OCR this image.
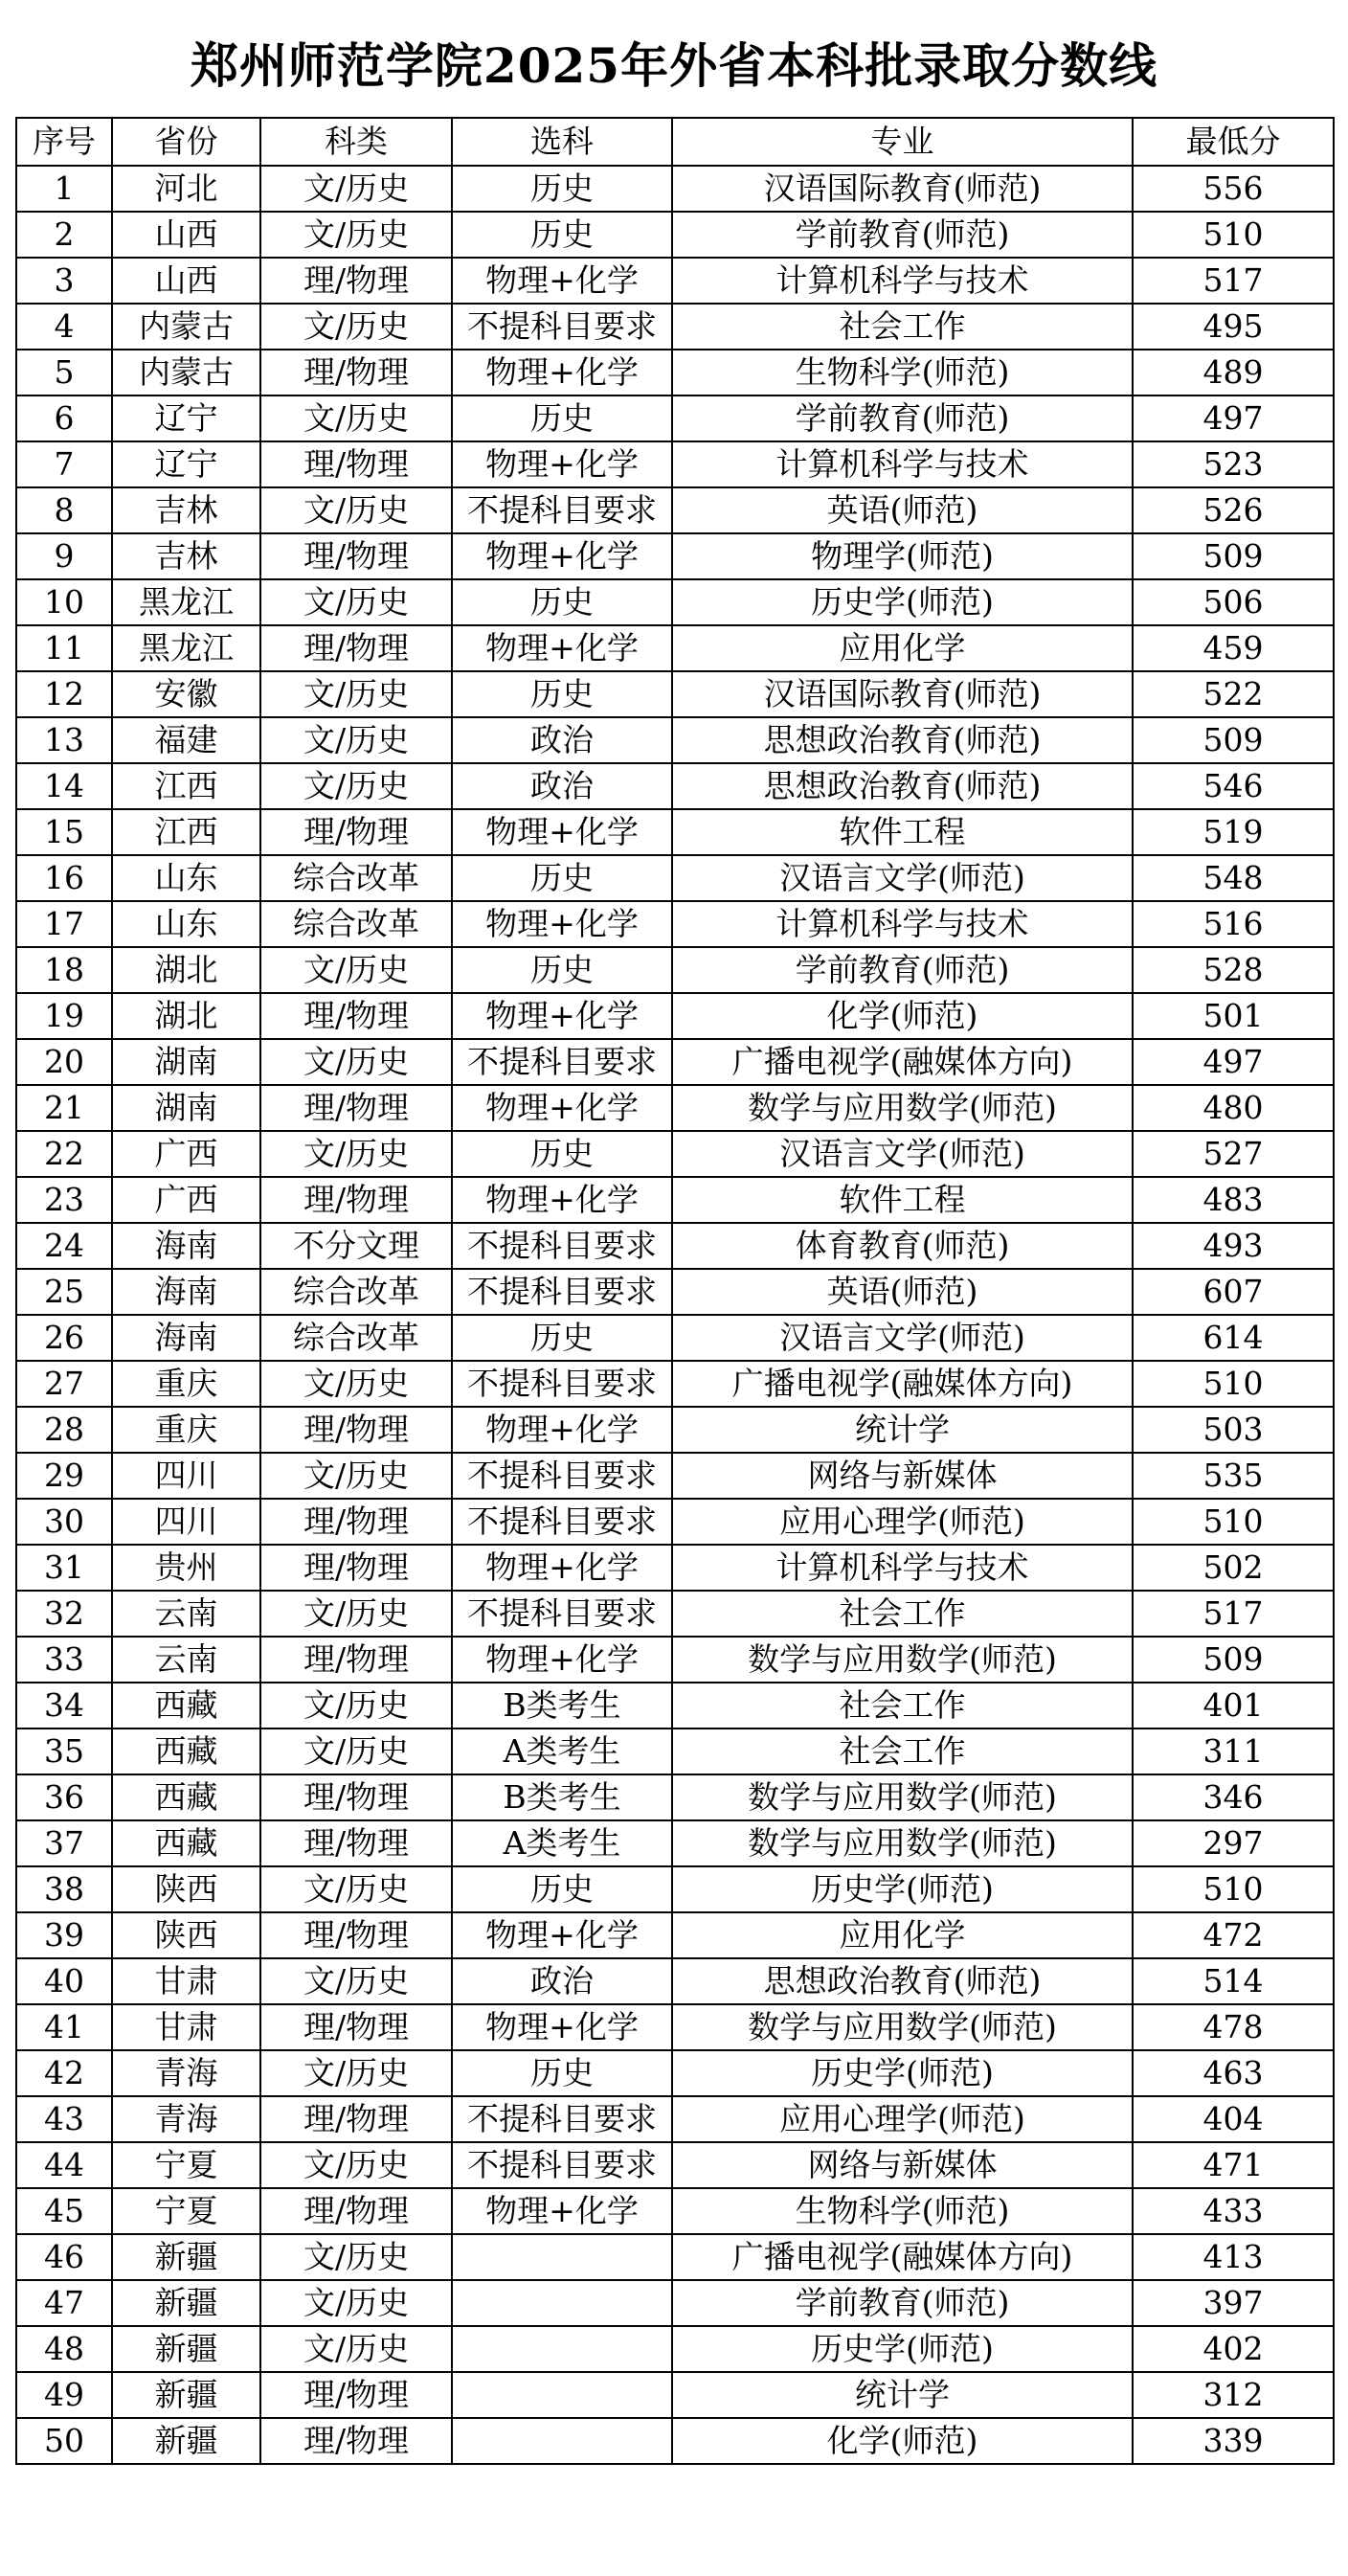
郑州师范学院2025年外省本科批录取分数线
序号	省份	科类	选科	专业	最低分
1	河北	文/历史	历史	汉语国际教育(师范)	556
2	山西	文/历史	历史	学前教育(师范)	510
3	山西	理/物理	物理+化学	计算机科学与技术	517
4	内蒙古	文/历史	不提科目要求	社会工作	495
5	内蒙古	理/物理	物理+化学	生物科学(师范)	489
6	辽宁	文/历史	历史	学前教育(师范)	497
7	辽宁	理/物理	物理+化学	计算机科学与技术	523
8	吉林	文/历史	不提科目要求	英语(师范)	526
9	吉林	理/物理	物理+化学	物理学(师范)	509
10	黑龙江	文/历史	历史	历史学(师范)	506
11	黑龙江	理/物理	物理+化学	应用化学	459
12	安徽	文/历史	历史	汉语国际教育(师范)	522
13	福建	文/历史	政治	思想政治教育(师范)	509
14	江西	文/历史	政治	思想政治教育(师范)	546
15	江西	理/物理	物理+化学	软件工程	519
16	山东	综合改革	历史	汉语言文学(师范)	548
17	山东	综合改革	物理+化学	计算机科学与技术	516
18	湖北	文/历史	历史	学前教育(师范)	528
19	湖北	理/物理	物理+化学	化学(师范)	501
20	湖南	文/历史	不提科目要求	广播电视学(融媒体方向)	497
21	湖南	理/物理	物理+化学	数学与应用数学(师范)	480
22	广西	文/历史	历史	汉语言文学(师范)	527
23	广西	理/物理	物理+化学	软件工程	483
24	海南	不分文理	不提科目要求	体育教育(师范)	493
25	海南	综合改革	不提科目要求	英语(师范)	607
26	海南	综合改革	历史	汉语言文学(师范)	614
27	重庆	文/历史	不提科目要求	广播电视学(融媒体方向)	510
28	重庆	理/物理	物理+化学	统计学	503
29	四川	文/历史	不提科目要求	网络与新媒体	535
30	四川	理/物理	不提科目要求	应用心理学(师范)	510
31	贵州	理/物理	物理+化学	计算机科学与技术	502
32	云南	文/历史	不提科目要求	社会工作	517
33	云南	理/物理	物理+化学	数学与应用数学(师范)	509
34	西藏	文/历史	B类考生	社会工作	401
35	西藏	文/历史	A类考生	社会工作	311
36	西藏	理/物理	B类考生	数学与应用数学(师范)	346
37	西藏	理/物理	A类考生	数学与应用数学(师范)	297
38	陕西	文/历史	历史	历史学(师范)	510
39	陕西	理/物理	物理+化学	应用化学	472
40	甘肃	文/历史	政治	思想政治教育(师范)	514
41	甘肃	理/物理	物理+化学	数学与应用数学(师范)	478
42	青海	文/历史	历史	历史学(师范)	463
43	青海	理/物理	不提科目要求	应用心理学(师范)	404
44	宁夏	文/历史	不提科目要求	网络与新媒体	471
45	宁夏	理/物理	物理+化学	生物科学(师范)	433
46	新疆	文/历史		广播电视学(融媒体方向)	413
47	新疆	文/历史		学前教育(师范)	397
48	新疆	文/历史		历史学(师范)	402
49	新疆	理/物理		统计学	312
50	新疆	理/物理		化学(师范)	339
